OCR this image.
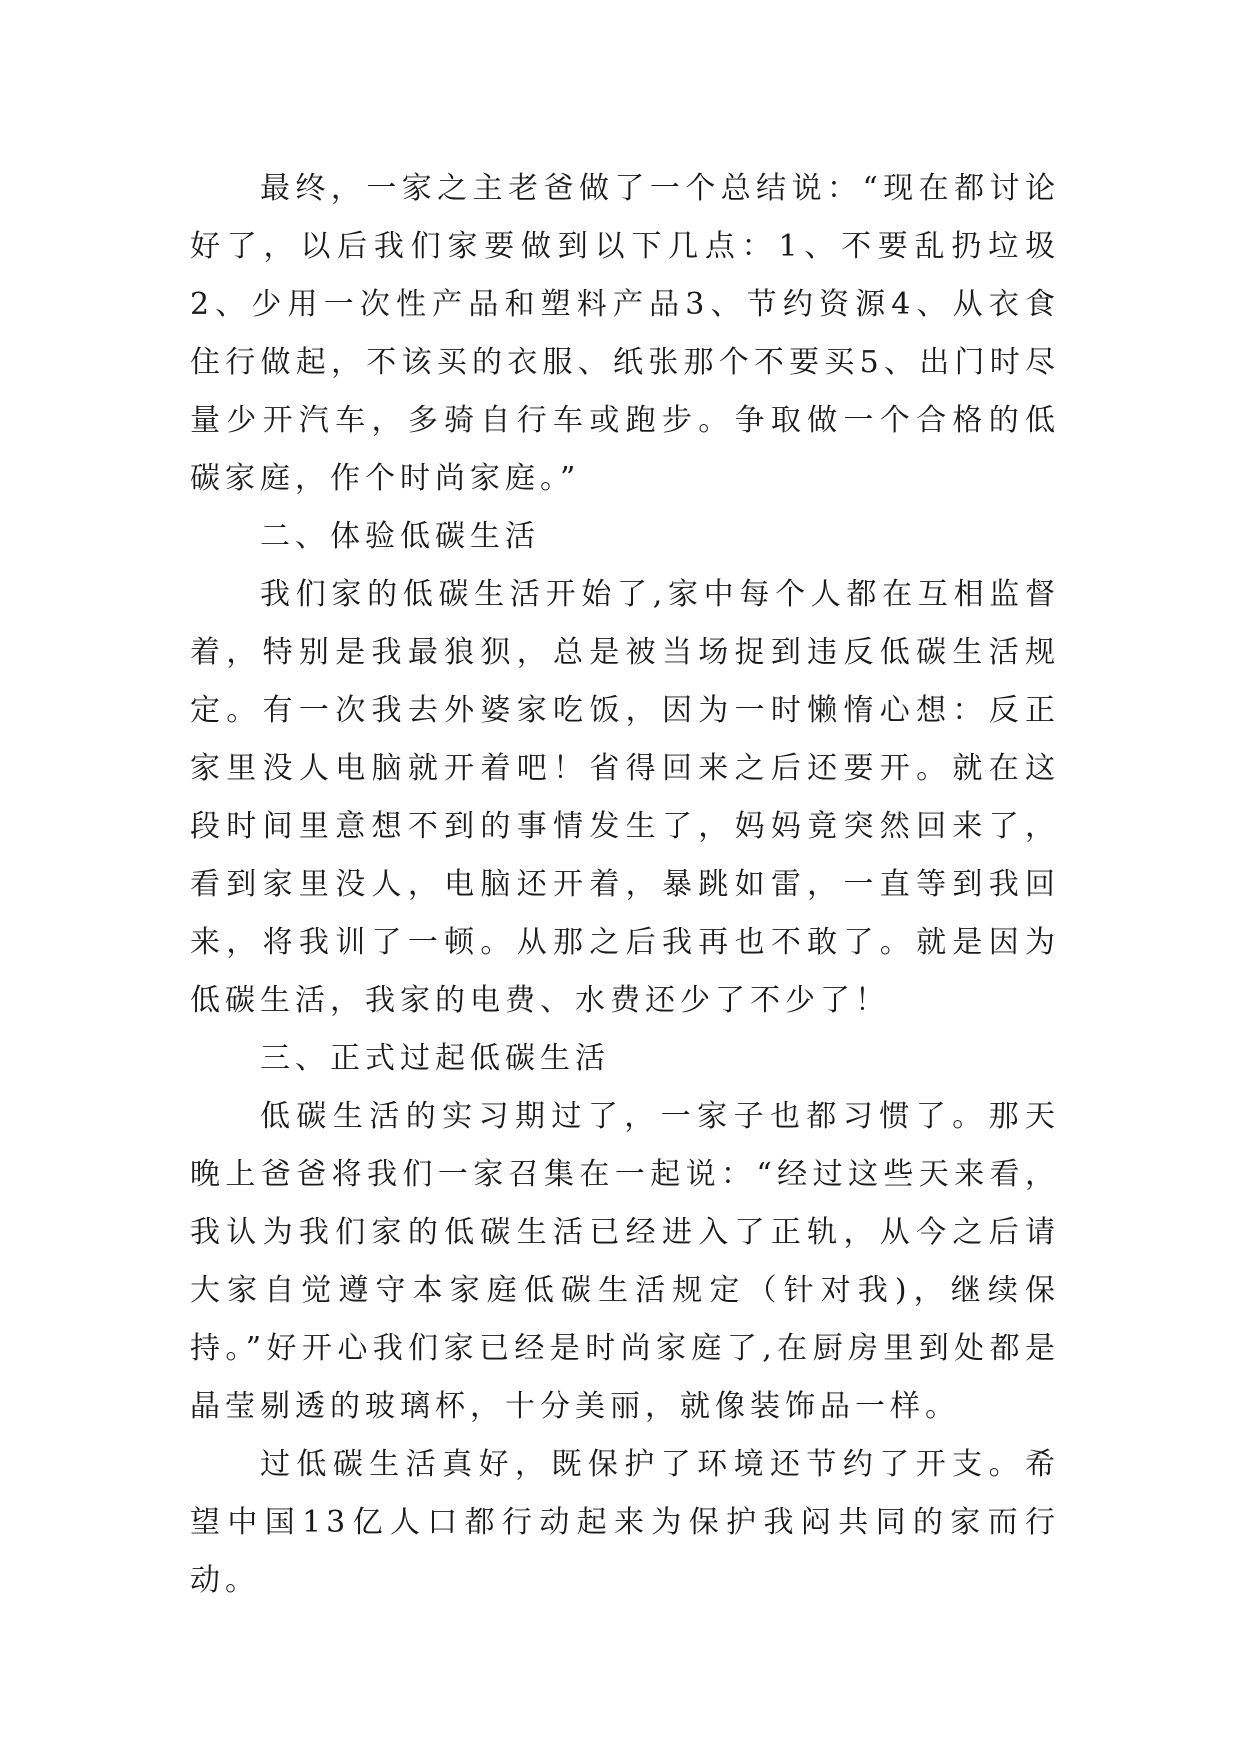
最终，一家之主老爸做了一个总结说：“现在都讨论好了，以后我们家要做到以下几点：1、不要乱扔垃圾2、少用一次性产品和塑料产品3、节约资源4、从衣食住行做起，不该买的衣服、纸张那个不要买5、出门时尽量少开汽车，多骑自行车或跑步。争取做一个合格的低碳家庭，作个时尚家庭。”

二、体验低碳生活

我们家的低碳生活开始了,家中每个人都在互相监督着，特别是我最狼狈，总是被当场捉到违反低碳生活规定。有一次我去外婆家吃饭，因为一时懒惰心想：反正家里没人电脑就开着吧！省得回来之后还要开。就在这段时间里意想不到的事情发生了，妈妈竟突然回来了，看到家里没人，电脑还开着，暴跳如雷，一直等到我回来，将我训了一顿。从那之后我再也不敢了。就是因为低碳生活，我家的电费、水费还少了不少了！

三、正式过起低碳生活

低碳生活的实习期过了，一家子也都习惯了。那天晚上爸爸将我们一家召集在一起说：“经过这些天来看，我认为我们家的低碳生活已经进入了正轨，从今之后请大家自觉遵守本家庭低碳生活规定（针对我)，继续保持。”好开心我们家已经是时尚家庭了,在厨房里到处都是晶莹剔透的玻璃杯，十分美丽，就像装饰品一样。

过低碳生活真好，既保护了环境还节约了开支。希望中国13亿人口都行动起来为保护我闷共同的家而行动。
